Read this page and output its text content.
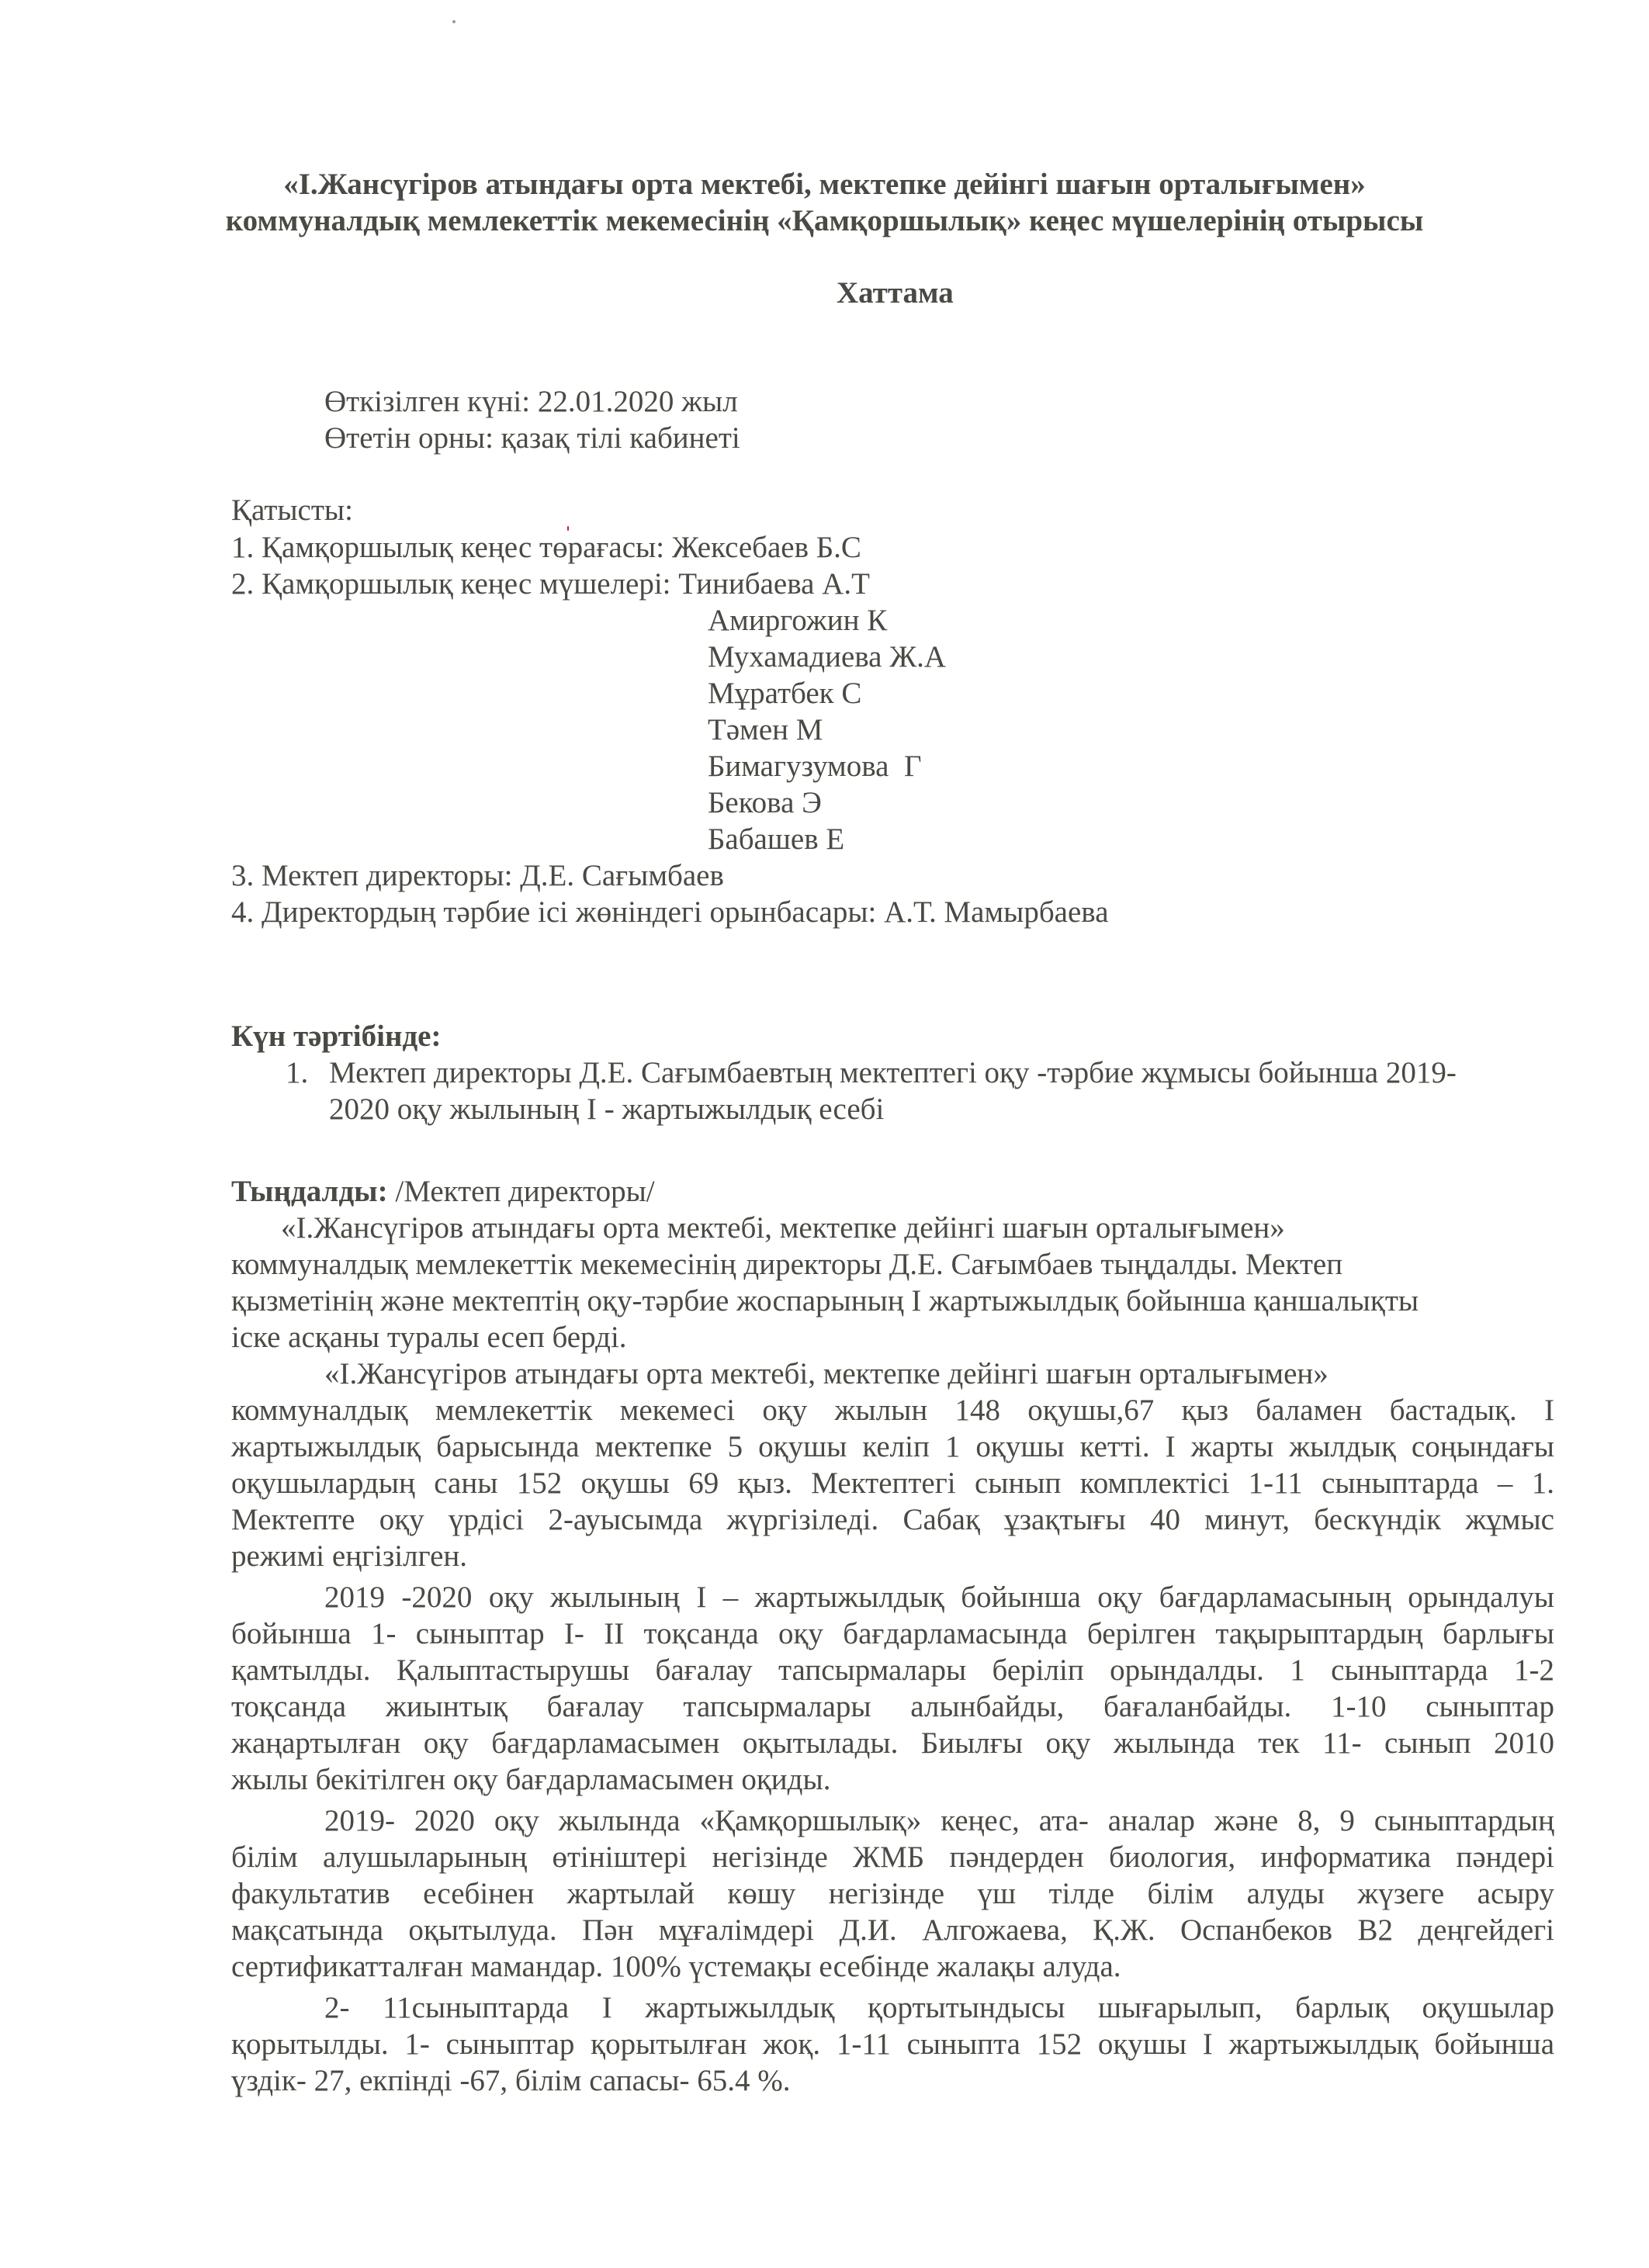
«І.Жансүгіров атындағы орта мектебі, мектепке дейінгі шағын орталығымен»
коммуналдық мемлекеттік мекемесінің «Қамқоршылық» кеңес мүшелерінің отырысы
Хаттама
Өткізілген күні: 22.01.2020 жыл
Өтетін орны: қазақ тілі кабинеті
Қатысты:
1. Қамқоршылық кеңес төрағасы: Жексебаев Б.С
2. Қамқоршылық кеңес мүшелері: Тинибаева А.Т
Амиргожин К
Мухамадиева Ж.А
Мұратбек С
Тәмен М
Бимагузумова  Г
Бекова Э
Бабашев Е
3. Мектеп директоры: Д.Е. Сағымбаев
4. Директордың тәрбие ісі жөніндегі орынбасары: А.Т. Мамырбаева
Күн тәртібінде:
1. Мектеп директоры Д.Е. Сағымбаевтың мектептегі оқу -тәрбие жұмысы бойынша 2019-
2020 оқу жылының І - жартыжылдық есебі
Тыңдалды: /Мектеп директоры/
«І.Жансүгіров атындағы орта мектебі, мектепке дейінгі шағын орталығымен»
коммуналдық мемлекеттік мекемесінің директоры Д.Е. Сағымбаев тыңдалды. Мектеп
қызметінің және мектептің оқу-тәрбие жоспарының І жартыжылдық бойынша қаншалықты
іске асқаны туралы есеп берді.
«І.Жансүгіров атындағы орта мектебі, мектепке дейінгі шағын орталығымен»
коммуналдық мемлекеттік мекемесі оқу жылын 148 оқушы,67 қыз баламен бастадық. І
жартыжылдық барысында мектепке 5 оқушы келіп 1 оқушы кетті. І жарты жылдық соңындағы
оқушылардың саны 152 оқушы 69 қыз. Мектептегі сынып комплектісі 1-11 сыныптарда – 1.
Мектепте оқу үрдісі 2-ауысымда жүргізіледі. Сабақ ұзақтығы 40 минут, бескүндік жұмыс
режимі еңгізілген.
2019 -2020 оқу жылының І – жартыжылдық бойынша оқу бағдарламасының орындалуы
бойынша 1- сыныптар І- ІІ тоқсанда оқу бағдарламасында берілген тақырыптардың барлығы
қамтылды. Қалыптастырушы бағалау тапсырмалары беріліп орындалды. 1 сыныптарда 1-2
тоқсанда жиынтық бағалау тапсырмалары алынбайды, бағаланбайды. 1-10 сыныптар
жаңартылған оқу бағдарламасымен оқытылады. Биылғы оқу жылында тек 11- сынып 2010
жылы бекітілген оқу бағдарламасымен оқиды.
2019- 2020 оқу жылында «Қамқоршылық» кеңес, ата- аналар және 8, 9 сыныптардың
білім алушыларының өтініштері негізінде ЖМБ пәндерден биология, информатика пәндері
факультатив есебінен жартылай көшу негізінде үш тілде білім алуды жүзеге асыру
мақсатында оқытылуда. Пән мұғалімдері Д.И. Алгожаева, Қ.Ж. Оспанбеков В2 деңгейдегі
сертификатталған мамандар. 100% үстемақы есебінде жалақы алуда.
2- 11сыныптарда І жартыжылдық қортытындысы шығарылып, барлық оқушылар
қорытылды. 1- сыныптар қорытылған жоқ. 1-11 сыныпта 152 оқушы І жартыжылдық бойынша
үздік- 27, екпінді -67, білім сапасы- 65.4 %.
